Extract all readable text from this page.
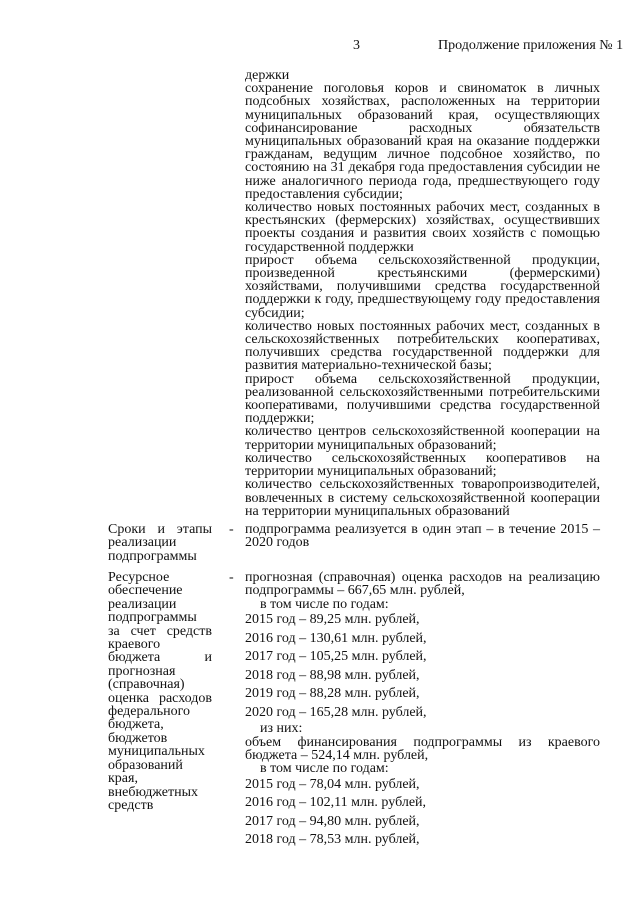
3	Продолжение приложения № 1

держки

сохранение поголовья коров и свиноматок в личных подсобных хозяйствах, расположенных на территории муниципальных образований края, осуществляющих софинансирование расходных обязательств муниципальных образований края на оказание поддержки гражданам, ведущим личное подсобное хозяйство, по состоянию на 31 декабря года предоставления субсидии не ниже аналогичного периода года, предшествующего году предоставления субсидии;

количество новых постоянных рабочих мест, созданных в крестьянских (фермерских) хозяйствах, осуществивших проекты создания и развития своих хозяйств с помощью государственной поддержки

прирост объема сельскохозяйственной продукции, произведенной крестьянскими (фермерскими) хозяйствами, получившими средства государственной поддержки к году, предшествующему году предоставления субсидии;

количество новых постоянных рабочих мест, созданных в сельскохозяйственных потребительских кооперативах, получивших средства государственной поддержки для развития материально-технической базы;

прирост объема сельскохозяйственной продукции, реализованной сельскохозяйственными потребительскими кооперативами, получившими средства государственной поддержки;

количество центров сельскохозяйственной кооперации на территории муниципальных образований;

количество сельскохозяйственных кооперативов на территории муниципальных образований;

количество сельскохозяйственных товаропроизводителей, вовлеченных в систему сельскохозяйственной кооперации на территории муниципальных образований

Сроки и этапы реализации подпрограммы
- подпрограмма реализуется в один этап – в течение 2015 – 2020 годов
Ресурсное обеспечение реализации подпрограммы за счет средств краевого бюджета и прогнозная (справочная) оценка расходов федерального бюджета, бюджетов муниципальных образований края, внебюджетных средств
- прогнозная (справочная) оценка расходов на реализацию подпрограммы – 667,65 млн. рублей,

в том числе по годам:

2015 год – 89,25 млн. рублей,

2016 год – 130,61 млн. рублей,

2017 год – 105,25 млн. рублей,

2018 год – 88,98 млн. рублей,

2019 год – 88,28 млн. рублей,

2020 год – 165,28 млн. рублей,

из них:

объем финансирования подпрограммы из краевого бюджета – 524,14 млн. рублей,

в том числе по годам:

2015 год – 78,04 млн. рублей,

2016 год – 102,11 млн. рублей,

2017 год – 94,80 млн. рублей,

2018 год – 78,53 млн. рублей,
